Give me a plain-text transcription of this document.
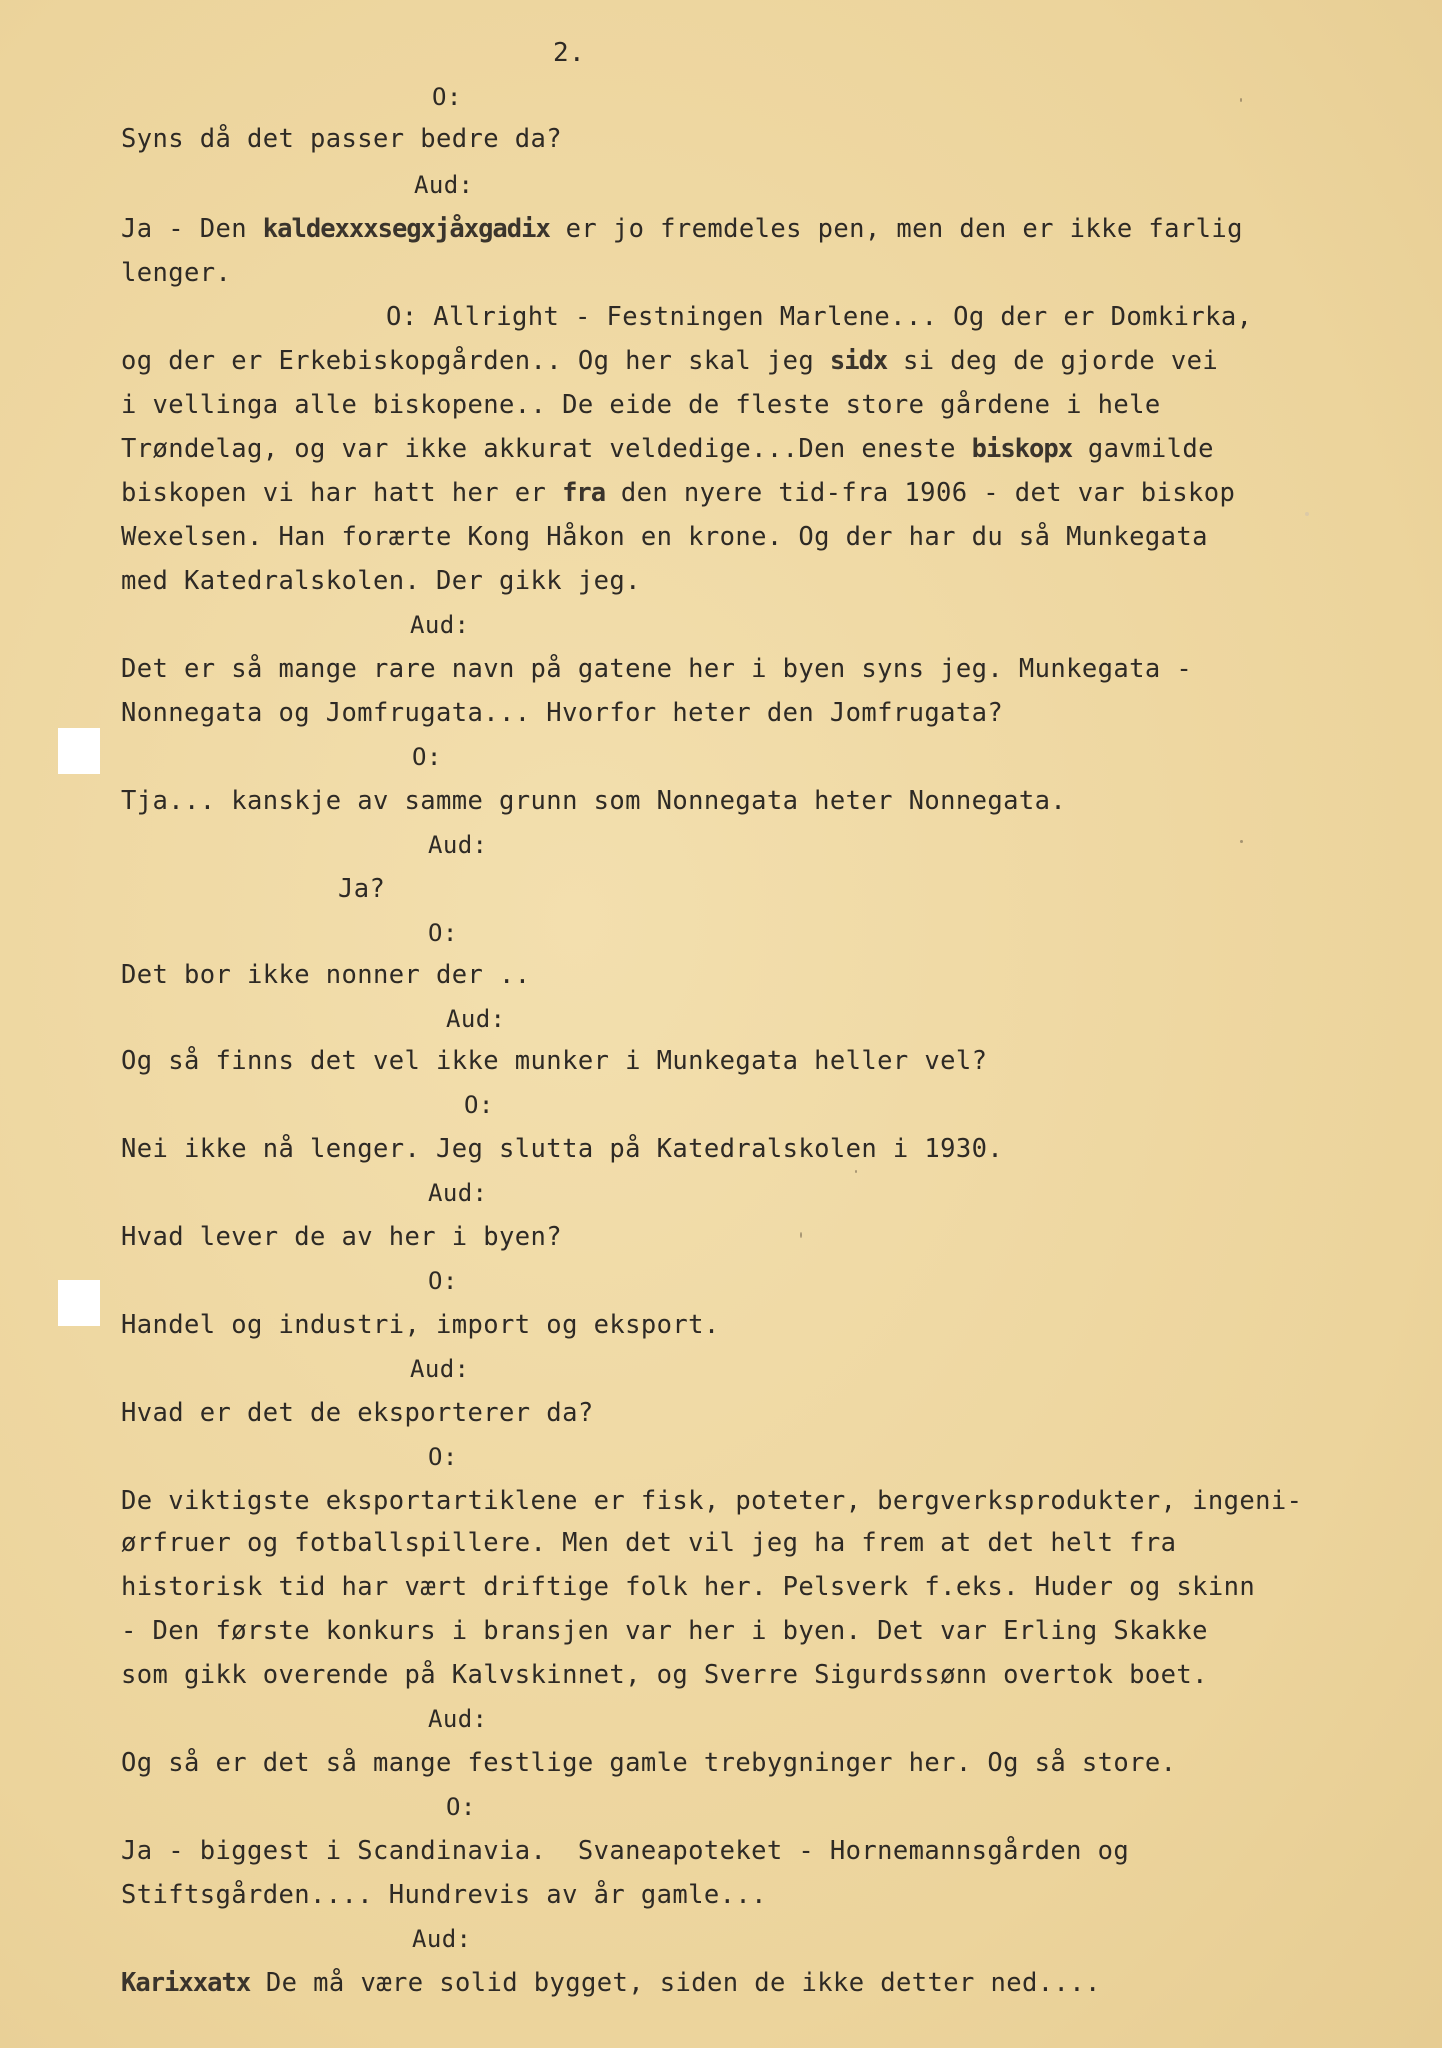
2.
O:
Syns då det passer bedre da?
Aud:
Ja - Den kaldexxxsegxjåxgadix er jo fremdeles pen, men den er ikke farlig
lenger.
O: Allright - Festningen Marlene... Og der er Domkirka,
og der er Erkebiskopgården.. Og her skal jeg sidx si deg de gjorde vei
i vellinga alle biskopene.. De eide de fleste store gårdene i hele
Trøndelag, og var ikke akkurat veldedige...Den eneste biskopx gavmilde
biskopen vi har hatt her er fra den nyere tid-fra 1906 - det var biskop
Wexelsen. Han forærte Kong Håkon en krone. Og der har du så Munkegata
med Katedralskolen. Der gikk jeg.
Aud:
Det er så mange rare navn på gatene her i byen syns jeg. Munkegata -
Nonnegata og Jomfrugata... Hvorfor heter den Jomfrugata?
O:
Tja... kanskje av samme grunn som Nonnegata heter Nonnegata.
Aud:
Ja?
O:
Det bor ikke nonner der ..
Aud:
Og så finns det vel ikke munker i Munkegata heller vel?
O:
Nei ikke nå lenger. Jeg slutta på Katedralskolen i 1930.
Aud:
Hvad lever de av her i byen?
O:
Handel og industri, import og eksport.
Aud:
Hvad er det de eksporterer da?
O:
De viktigste eksportartiklene er fisk, poteter, bergverksprodukter, ingeni-
ørfruer og fotballspillere. Men det vil jeg ha frem at det helt fra
historisk tid har vært driftige folk her. Pelsverk f.eks. Huder og skinn
- Den første konkurs i bransjen var her i byen. Det var Erling Skakke
som gikk overende på Kalvskinnet, og Sverre Sigurdssønn overtok boet.
Aud:
Og så er det så mange festlige gamle trebygninger her. Og så store.
O:
Ja - biggest i Scandinavia.  Svaneapoteket - Hornemannsgården og
Stiftsgården.... Hundrevis av år gamle...
Aud:
Karixxatx De må være solid bygget, siden de ikke detter ned....
